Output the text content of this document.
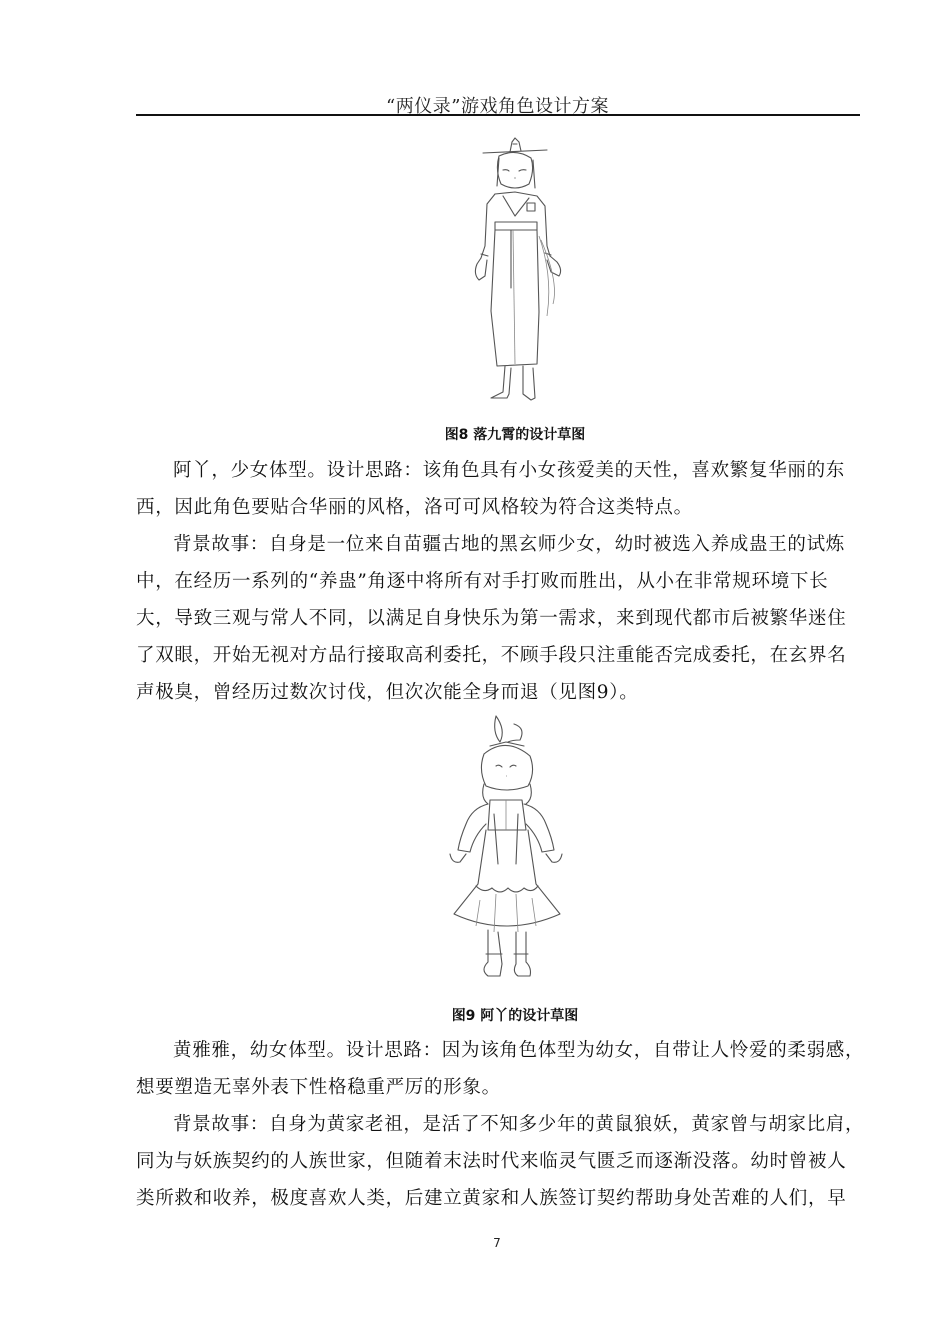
“两仪录”游戏角色设计方案
图8 落九霄的设计草图
阿丫，少女体型。设计思路：该角色具有小女孩爱美的天性，喜欢繁复华丽的东
西，因此角色要贴合华丽的风格，洛可可风格较为符合这类特点。
背景故事：自身是一位来自苗疆古地的黑玄师少女，幼时被选入养成蛊王的试炼
中，在经历一系列的“养蛊”角逐中将所有对手打败而胜出，从小在非常规环境下长
大，导致三观与常人不同，以满足自身快乐为第一需求，来到现代都市后被繁华迷住
了双眼，开始无视对方品行接取高利委托，不顾手段只注重能否完成委托，在玄界名
声极臭，曾经历过数次讨伐，但次次能全身而退（见图9）。
图9 阿丫的设计草图
黄雅雅，幼女体型。设计思路：因为该角色体型为幼女，自带让人怜爱的柔弱感，
想要塑造无辜外表下性格稳重严厉的形象。
背景故事：自身为黄家老祖，是活了不知多少年的黄鼠狼妖，黄家曾与胡家比肩，
同为与妖族契约的人族世家，但随着末法时代来临灵气匮乏而逐渐没落。幼时曾被人
类所救和收养，极度喜欢人类，后建立黄家和人族签订契约帮助身处苦难的人们，早
7
